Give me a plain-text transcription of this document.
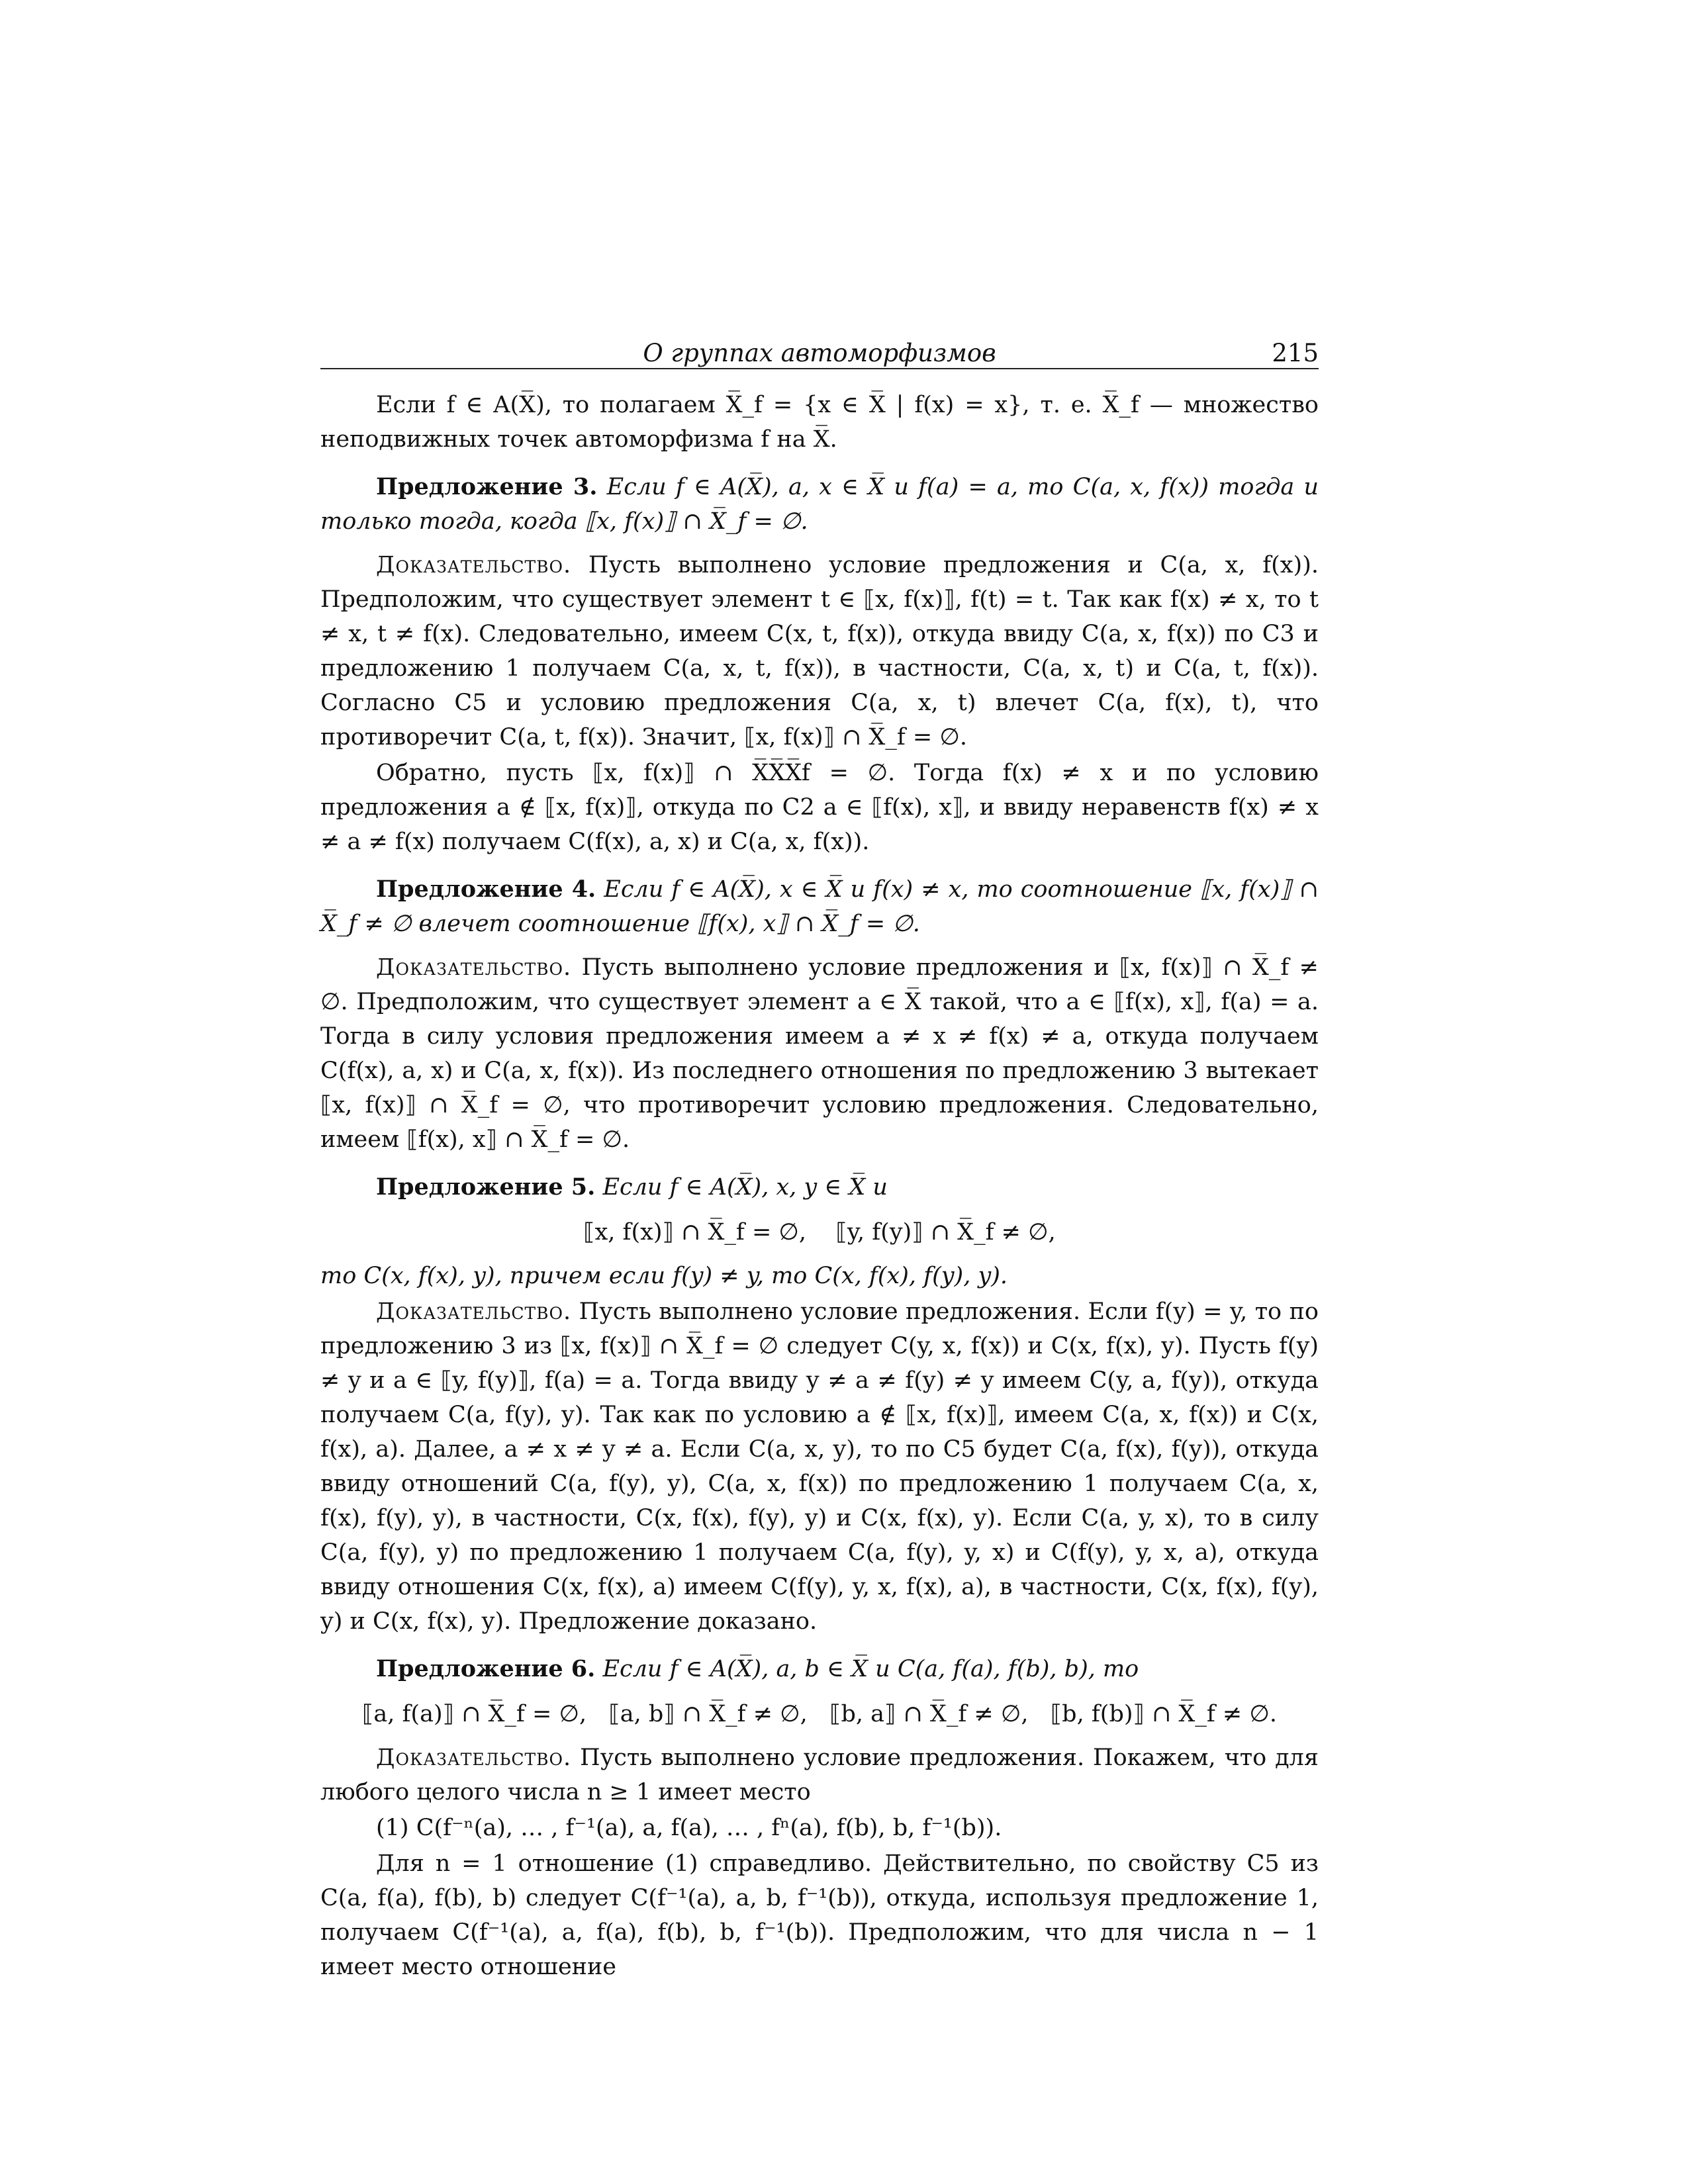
О группах автоморфизмов	215

Если f ∈ A(X̅), то полагаем X̅_f = {x ∈ X̅ | f(x) = x}, т. е. X̅_f — множество неподвижных точек автоморфизма f на X̅.

Предложение 3. Если f ∈ A(X̅), a, x ∈ X̅ и f(a) = a, то C(a, x, f(x)) тогда и только тогда, когда ⟦x, f(x)⟧ ∩ X̅_f = ∅.

Доказательство. Пусть выполнено условие предложения и C(a, x, f(x)). Предположим, что существует элемент t ∈ ⟦x, f(x)⟧, f(t) = t. Так как f(x) ≠ x, то t ≠ x, t ≠ f(x). Следовательно, имеем C(x, t, f(x)), откуда ввиду C(a, x, f(x)) по C3 и предложению 1 получаем C(a, x, t, f(x)), в частности, C(a, x, t) и C(a, t, f(x)). Согласно C5 и условию предложения C(a, x, t) влечет C(a, f(x), t), что противоречит C(a, t, f(x)). Значит, ⟦x, f(x)⟧ ∩ X̅_f = ∅.

Обратно, пусть ⟦x, f(x)⟧ ∩ X̅X̅X̅f = ∅. Тогда f(x) ≠ x и по условию предложения a ∉ ⟦x, f(x)⟧, откуда по C2 a ∈ ⟦f(x), x⟧, и ввиду неравенств f(x) ≠ x ≠ a ≠ f(x) получаем C(f(x), a, x) и C(a, x, f(x)).

Предложение 4. Если f ∈ A(X̅), x ∈ X̅ и f(x) ≠ x, то соотношение ⟦x, f(x)⟧ ∩ X̅_f ≠ ∅ влечет соотношение ⟦f(x), x⟧ ∩ X̅_f = ∅.

Доказательство. Пусть выполнено условие предложения и ⟦x, f(x)⟧ ∩ X̅_f ≠ ∅. Предположим, что существует элемент a ∈ X̅ такой, что a ∈ ⟦f(x), x⟧, f(a) = a. Тогда в силу условия предложения имеем a ≠ x ≠ f(x) ≠ a, откуда получаем C(f(x), a, x) и C(a, x, f(x)). Из последнего отношения по предложению 3 вытекает ⟦x, f(x)⟧ ∩ X̅_f = ∅, что противоречит условию предложения. Следовательно, имеем ⟦f(x), x⟧ ∩ X̅_f = ∅.

Предложение 5. Если f ∈ A(X̅), x, y ∈ X̅ и

⟦x, f(x)⟧ ∩ X̅_f = ∅,    ⟦y, f(y)⟧ ∩ X̅_f ≠ ∅,

то C(x, f(x), y), причем если f(y) ≠ y, то C(x, f(x), f(y), y).

Доказательство. Пусть выполнено условие предложения. Если f(y) = y, то по предложению 3 из ⟦x, f(x)⟧ ∩ X̅_f = ∅ следует C(y, x, f(x)) и C(x, f(x), y). Пусть f(y) ≠ y и a ∈ ⟦y, f(y)⟧, f(a) = a. Тогда ввиду y ≠ a ≠ f(y) ≠ y имеем C(y, a, f(y)), откуда получаем C(a, f(y), y). Так как по условию a ∉ ⟦x, f(x)⟧, имеем C(a, x, f(x)) и C(x, f(x), a). Далее, a ≠ x ≠ y ≠ a. Если C(a, x, y), то по C5 будет C(a, f(x), f(y)), откуда ввиду отношений C(a, f(y), y), C(a, x, f(x)) по предложению 1 получаем C(a, x, f(x), f(y), y), в частности, C(x, f(x), f(y), y) и C(x, f(x), y). Если C(a, y, x), то в силу C(a, f(y), y) по предложению 1 получаем C(a, f(y), y, x) и C(f(y), y, x, a), откуда ввиду отношения C(x, f(x), a) имеем C(f(y), y, x, f(x), a), в частности, C(x, f(x), f(y), y) и C(x, f(x), y). Предложение доказано.

Предложение 6. Если f ∈ A(X̅), a, b ∈ X̅ и C(a, f(a), f(b), b), то

⟦a, f(a)⟧ ∩ X̅_f = ∅,   ⟦a, b⟧ ∩ X̅_f ≠ ∅,   ⟦b, a⟧ ∩ X̅_f ≠ ∅,   ⟦b, f(b)⟧ ∩ X̅_f ≠ ∅.

Доказательство. Пусть выполнено условие предложения. Покажем, что для любого целого числа n ≥ 1 имеет место

(1) C(f⁻ⁿ(a), … , f⁻¹(a), a, f(a), … , fⁿ(a), f(b), b, f⁻¹(b)).

Для n = 1 отношение (1) справедливо. Действительно, по свойству C5 из C(a, f(a), f(b), b) следует C(f⁻¹(a), a, b, f⁻¹(b)), откуда, используя предложение 1, получаем C(f⁻¹(a), a, f(a), f(b), b, f⁻¹(b)). Предположим, что для числа n − 1 имеет место отношение
